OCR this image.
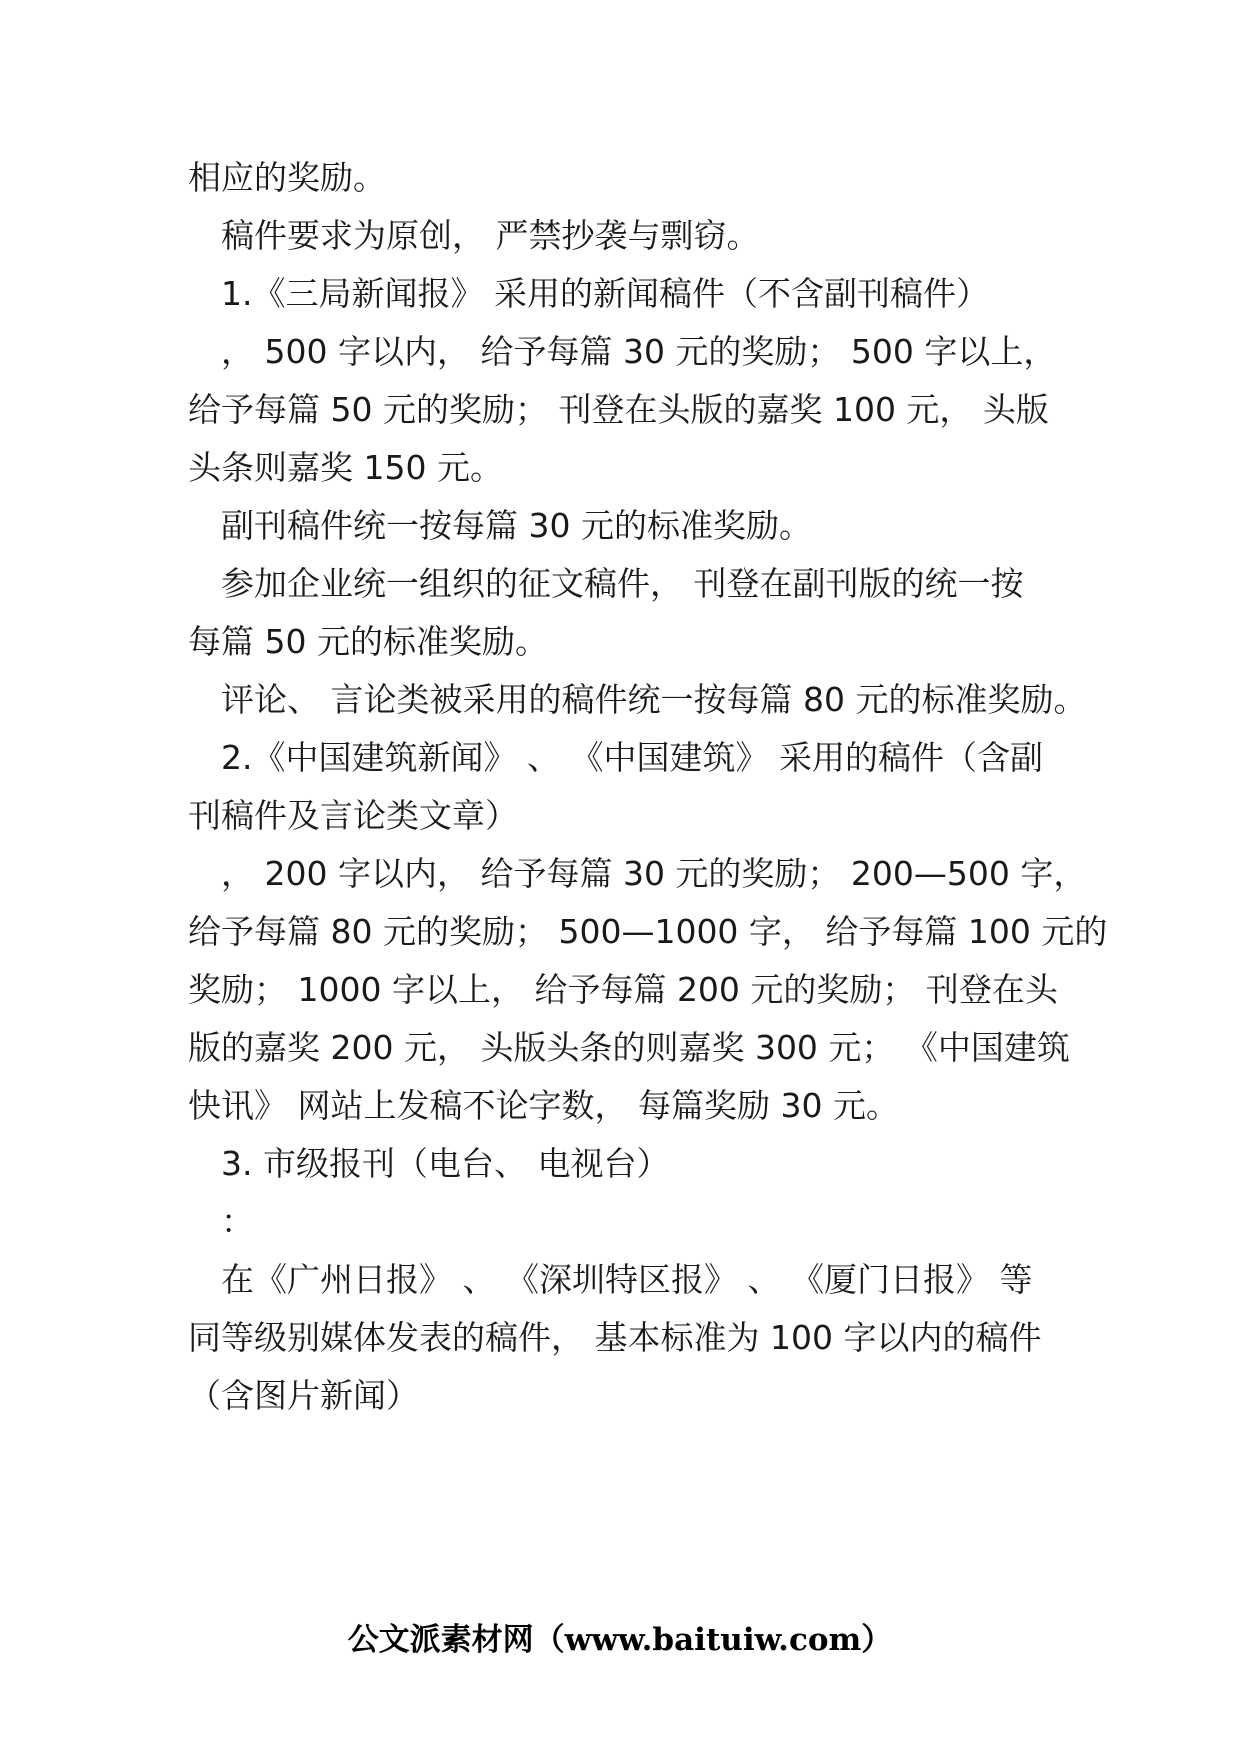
相应的奖励。
　稿件要求为原创， 严禁抄袭与剽窃。
　1.《三局新闻报》 采用的新闻稿件（不含副刊稿件）
　， 500 字以内， 给予每篇 30 元的奖励； 500 字以上，
给予每篇 50 元的奖励； 刊登在头版的嘉奖 100 元， 头版
头条则嘉奖 150 元。
　副刊稿件统一按每篇 30 元的标准奖励。
　参加企业统一组织的征文稿件， 刊登在副刊版的统一按
每篇 50 元的标准奖励。
　评论、 言论类被采用的稿件统一按每篇 80 元的标准奖励。
　2.《中国建筑新闻》 、 《中国建筑》 采用的稿件（含副
刊稿件及言论类文章）
　， 200 字以内， 给予每篇 30 元的奖励； 200—500 字，
给予每篇 80 元的奖励； 500—1000 字， 给予每篇 100 元的
奖励； 1000 字以上， 给予每篇 200 元的奖励； 刊登在头
版的嘉奖 200 元， 头版头条的则嘉奖 300 元； 《中国建筑
快讯》 网站上发稿不论字数， 每篇奖励 30 元。
　3. 市级报刊（电台、 电视台）
　：
　在《广州日报》 、 《深圳特区报》 、 《厦门日报》 等
同等级别媒体发表的稿件， 基本标准为 100 字以内的稿件
（含图片新闻）
公文派素材网（www.baituiw.com）
